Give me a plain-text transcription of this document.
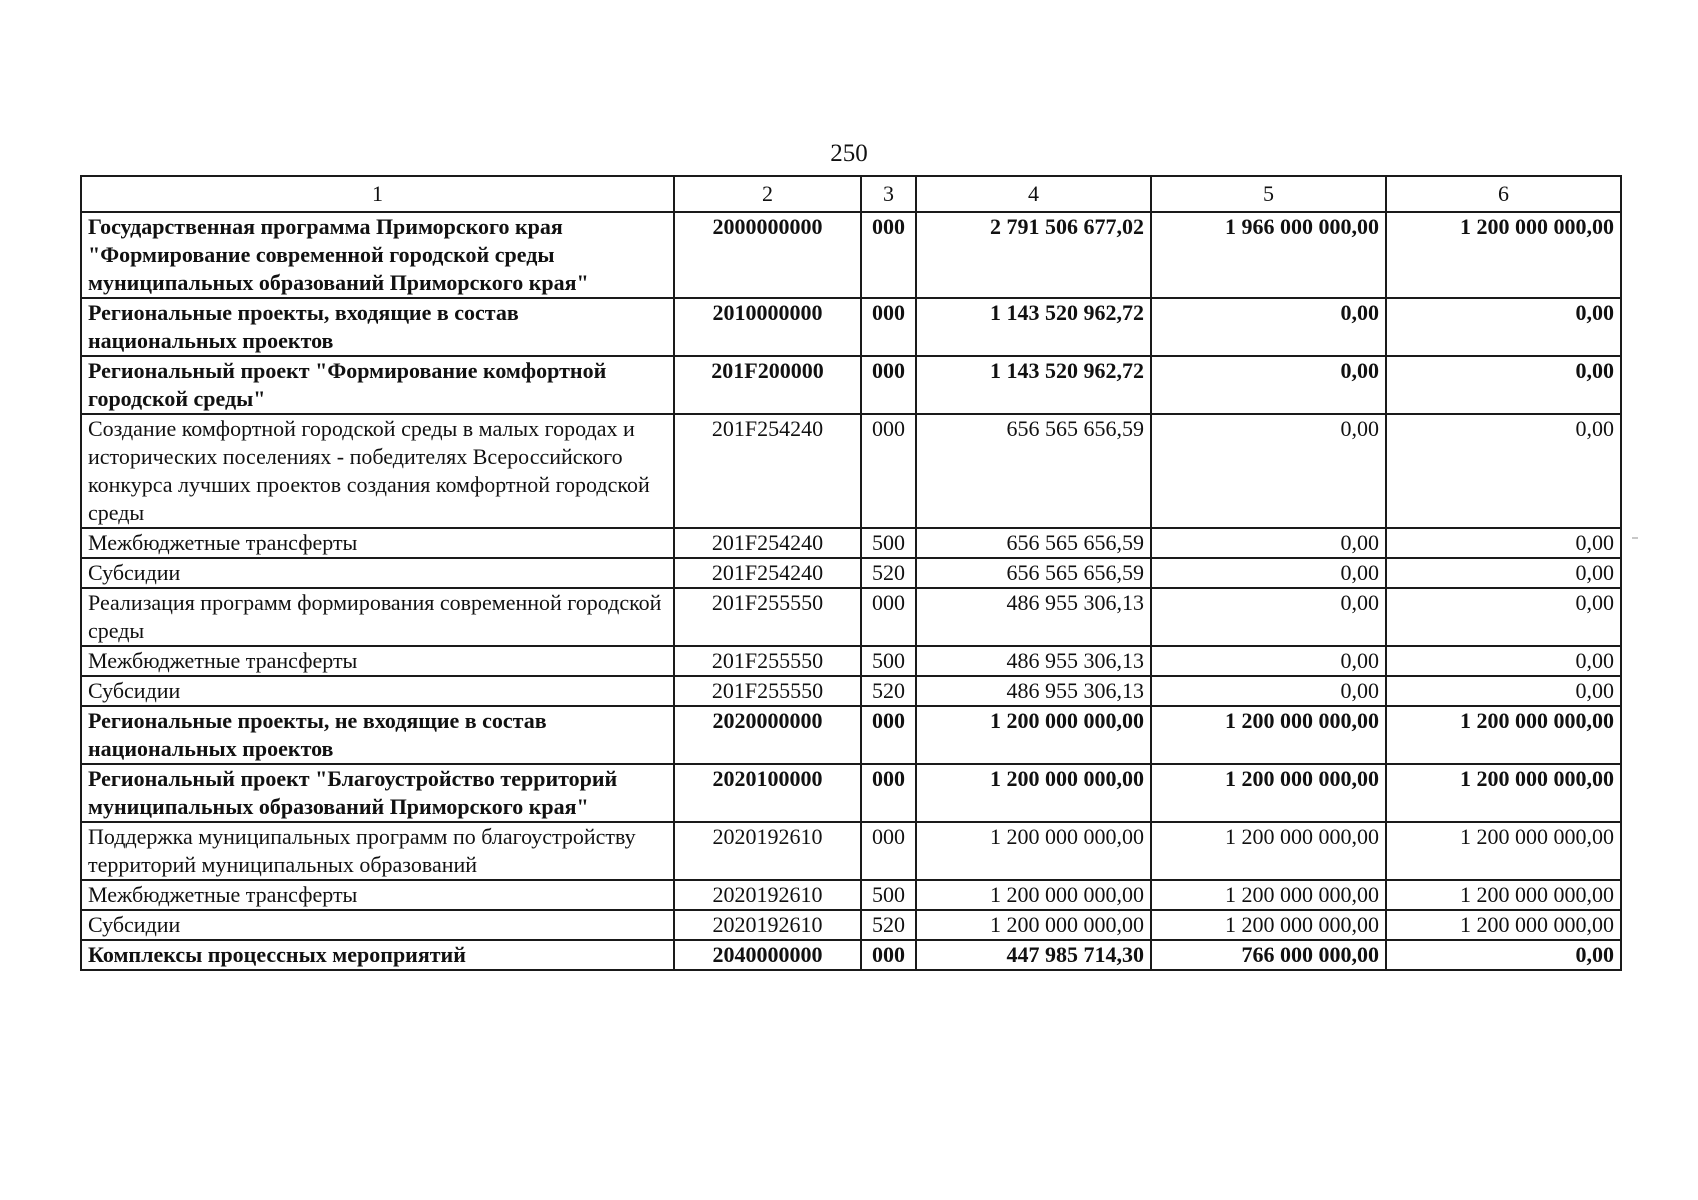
250
1	2	3	4	5	6
Государственная программа Приморского края "Формирование современной городской среды муниципальных образований Приморского края"	2000000000	000	2 791 506 677,02	1 966 000 000,00	1 200 000 000,00
Региональные проекты, входящие в состав национальных проектов	2010000000	000	1 143 520 962,72	0,00	0,00
Региональный проект "Формирование комфортной городской среды"	201F200000	000	1 143 520 962,72	0,00	0,00
Создание комфортной городской среды в малых городах и исторических поселениях - победителях Всероссийского конкурса лучших проектов создания комфортной городской среды	201F254240	000	656 565 656,59	0,00	0,00
Межбюджетные трансферты	201F254240	500	656 565 656,59	0,00	0,00
Субсидии	201F254240	520	656 565 656,59	0,00	0,00
Реализация программ формирования современной городской среды	201F255550	000	486 955 306,13	0,00	0,00
Межбюджетные трансферты	201F255550	500	486 955 306,13	0,00	0,00
Субсидии	201F255550	520	486 955 306,13	0,00	0,00
Региональные проекты, не входящие в состав национальных проектов	2020000000	000	1 200 000 000,00	1 200 000 000,00	1 200 000 000,00
Региональный проект "Благоустройство территорий муниципальных образований Приморского края"	2020100000	000	1 200 000 000,00	1 200 000 000,00	1 200 000 000,00
Поддержка муниципальных программ по благоустройству территорий муниципальных образований	2020192610	000	1 200 000 000,00	1 200 000 000,00	1 200 000 000,00
Межбюджетные трансферты	2020192610	500	1 200 000 000,00	1 200 000 000,00	1 200 000 000,00
Субсидии	2020192610	520	1 200 000 000,00	1 200 000 000,00	1 200 000 000,00
Комплексы процессных мероприятий	2040000000	000	447 985 714,30	766 000 000,00	0,00
